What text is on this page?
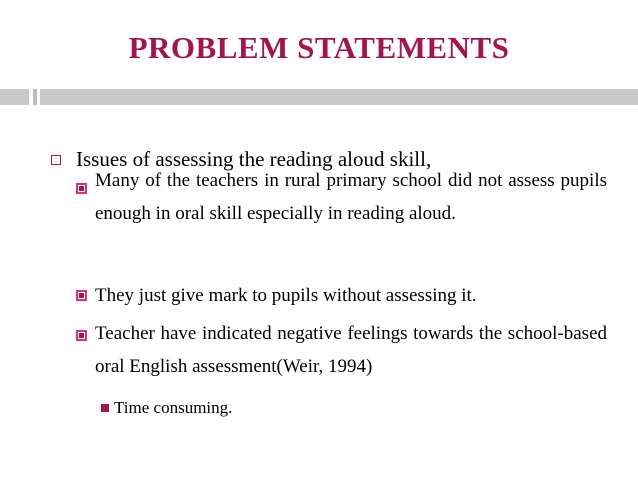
PROBLEM STATEMENTS
Issues of assessing the reading aloud skill,
Many of the teachers in rural primary school did not assess pupils enough in oral skill especially in reading aloud.
They just give mark to pupils without assessing it.
Teacher have indicated negative feelings towards the school-based oral English assessment(Weir, 1994)
Time consuming.
